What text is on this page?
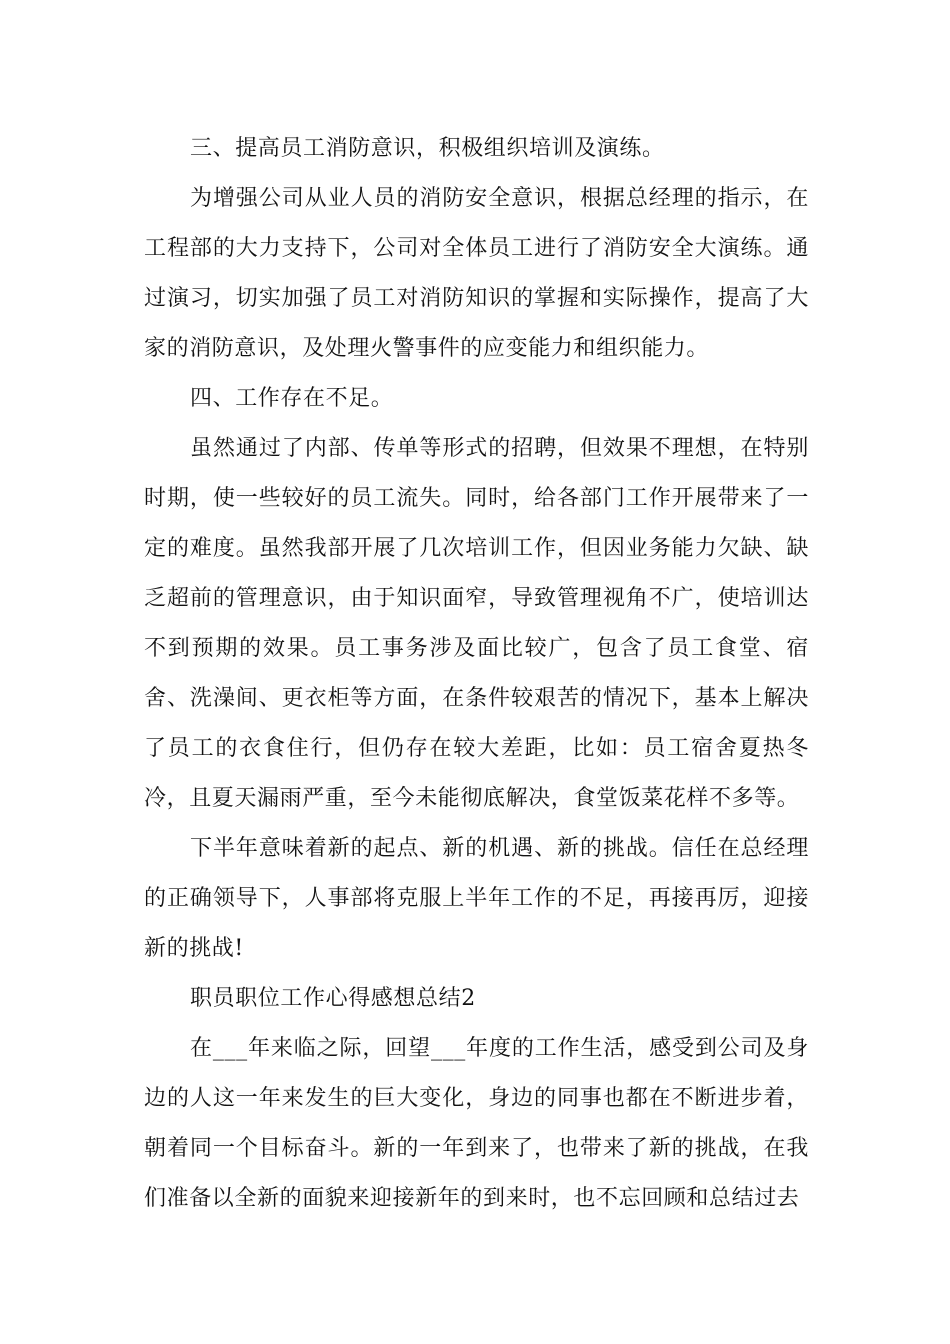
三、提高员工消防意识，积极组织培训及演练。

为增强公司从业人员的消防安全意识，根据总经理的指示，在工程部的大力支持下，公司对全体员工进行了消防安全大演练。通过演习，切实加强了员工对消防知识的掌握和实际操作，提高了大家的消防意识，及处理火警事件的应变能力和组织能力。

四、工作存在不足。

虽然通过了内部、传单等形式的招聘，但效果不理想，在特别时期，使一些较好的员工流失。同时，给各部门工作开展带来了一定的难度。虽然我部开展了几次培训工作，但因业务能力欠缺、缺乏超前的管理意识，由于知识面窄，导致管理视角不广，使培训达不到预期的效果。员工事务涉及面比较广，包含了员工食堂、宿舍、洗澡间、更衣柜等方面，在条件较艰苦的情况下，基本上解决了员工的衣食住行，但仍存在较大差距，比如：员工宿舍夏热冬冷，且夏天漏雨严重，至今未能彻底解决，食堂饭菜花样不多等。

下半年意味着新的起点、新的机遇、新的挑战。信任在总经理的正确领导下，人事部将克服上半年工作的不足，再接再厉，迎接新的挑战!

职员职位工作心得感想总结2

在___年来临之际，回望___年度的工作生活，感受到公司及身边的人这一年来发生的巨大变化，身边的同事也都在不断进步着，朝着同一个目标奋斗。新的一年到来了，也带来了新的挑战，在我们准备以全新的面貌来迎接新年的到来时，也不忘回顾和总结过去
